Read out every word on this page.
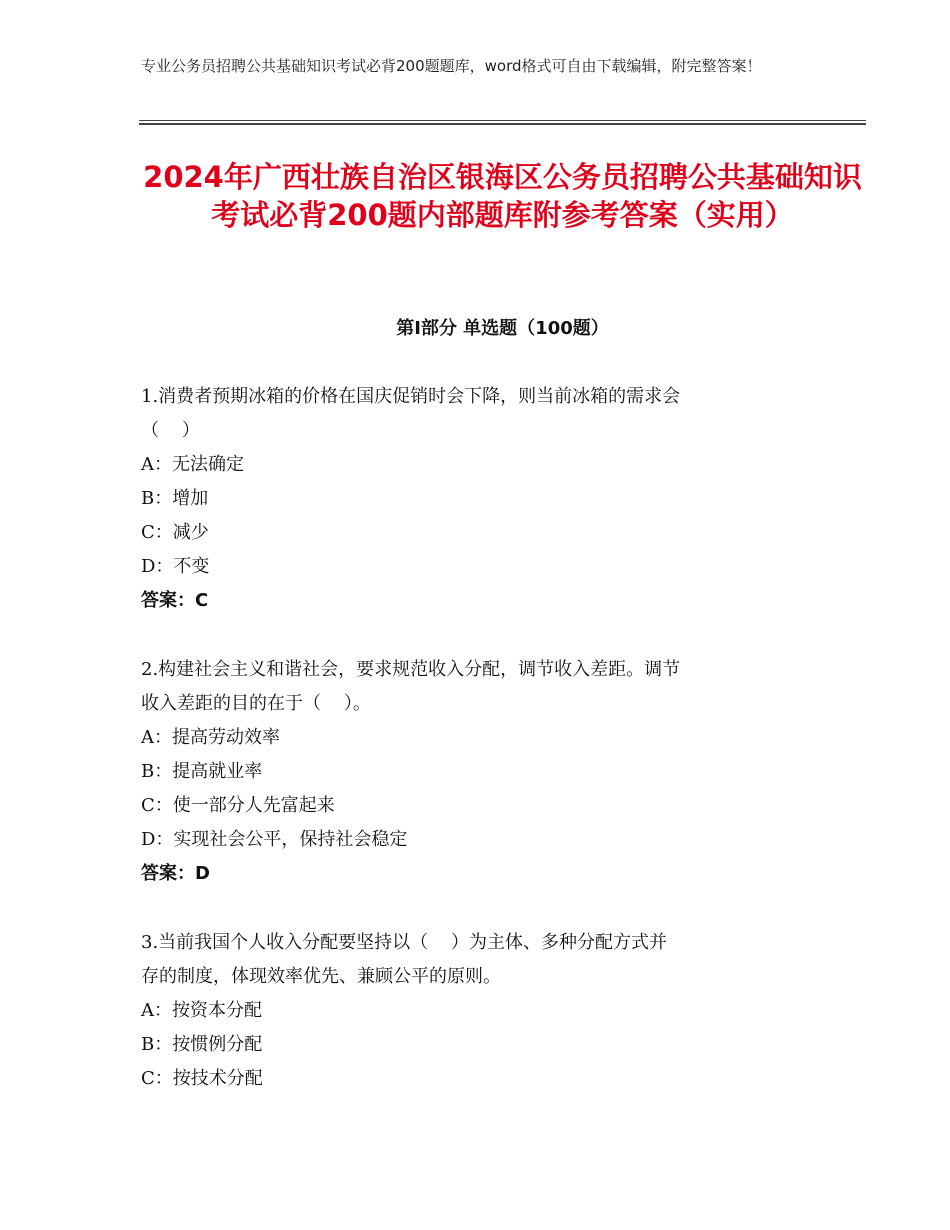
专业公务员招聘公共基础知识考试必背200题题库，word格式可自由下载编辑，附完整答案！
2024年广西壮族自治区银海区公务员招聘公共基础知识考试必背200题内部题库附参考答案（实用）
第Ⅰ部分 单选题（100题）
1.消费者预期冰箱的价格在国庆促销时会下降，则当前冰箱的需求会
（    ）
A：无法确定
B：增加
C：减少
D：不变
答案：C
2.构建社会主义和谐社会，要求规范收入分配，调节收入差距。调节
收入差距的目的在于（    ）。
A：提高劳动效率
B：提高就业率
C：使一部分人先富起来
D：实现社会公平，保持社会稳定
答案：D
3.当前我国个人收入分配要坚持以（    ）为主体、多种分配方式并
存的制度，体现效率优先、兼顾公平的原则。
A：按资本分配
B：按惯例分配
C：按技术分配
